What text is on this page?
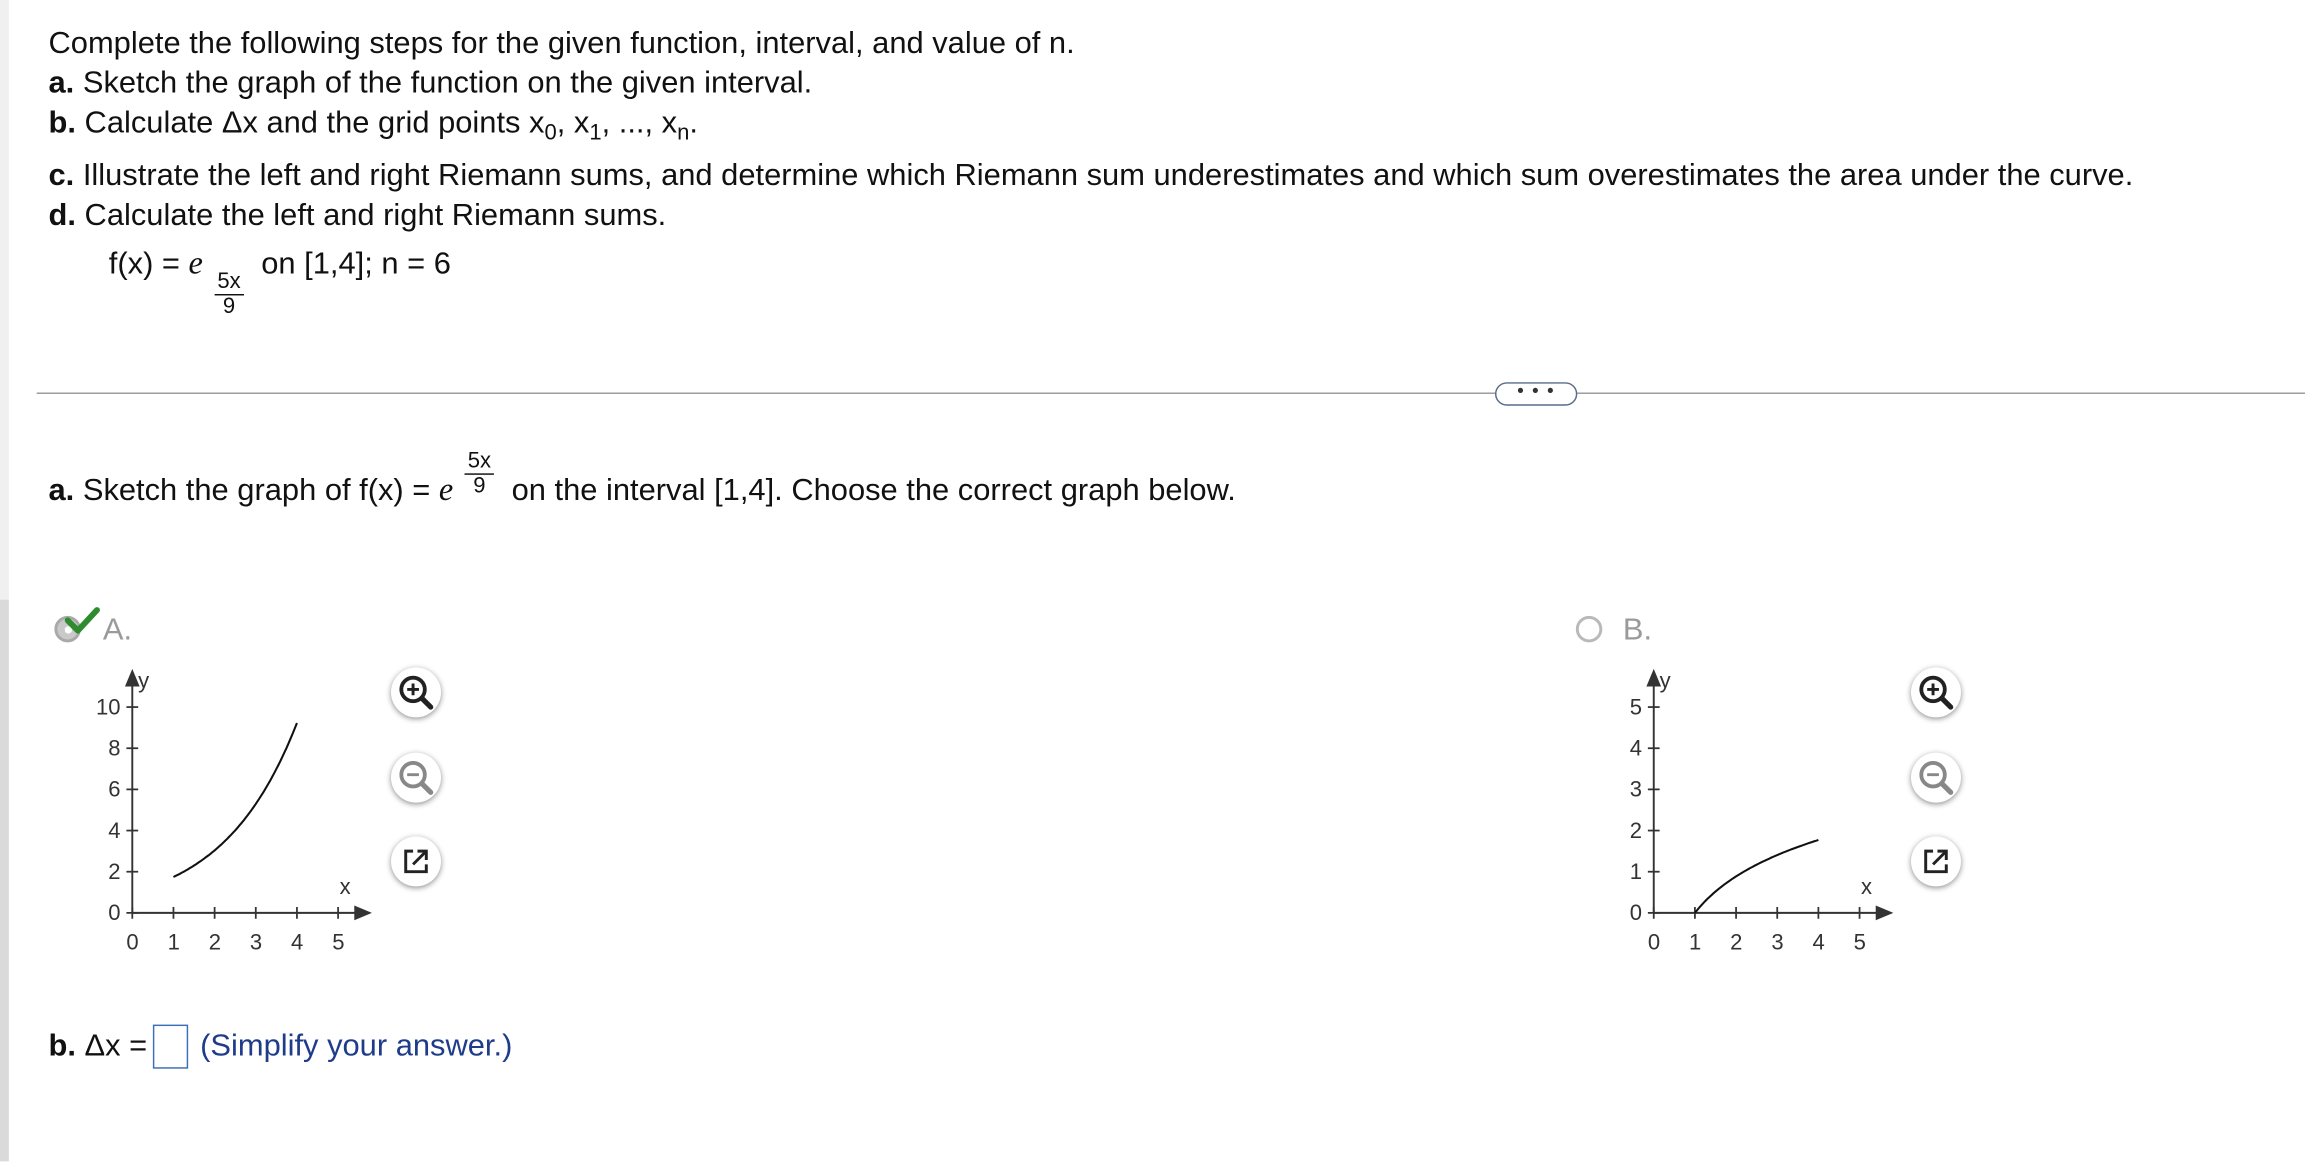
Complete the following steps for the given function, interval, and value of n.
a. Sketch the graph of the function on the given interval.
b. Calculate Δx and the grid points $x_0$, $x_1$, ..., $x_n$.
c. Illustrate the left and right Riemann sums, and determine which Riemann sum underestimates and which sum overestimates the area under the curve.
d. Calculate the left and right Riemann sums.
f(x) = e
$\frac{5x}{9}$
on [1,4]; n = 6
• • •
a. Sketch the graph of f(x) = e $\frac{5x}{9}$ on the interval [1,4]. Choose the correct graph below.
A.
y
x
0 1 2 3 4 5
10
8
6
4
2
0
B.
y
x
0 1 2 3 4 5
5
4
3
2
1
0
b.
Δx =	(Simplify your answer.)
